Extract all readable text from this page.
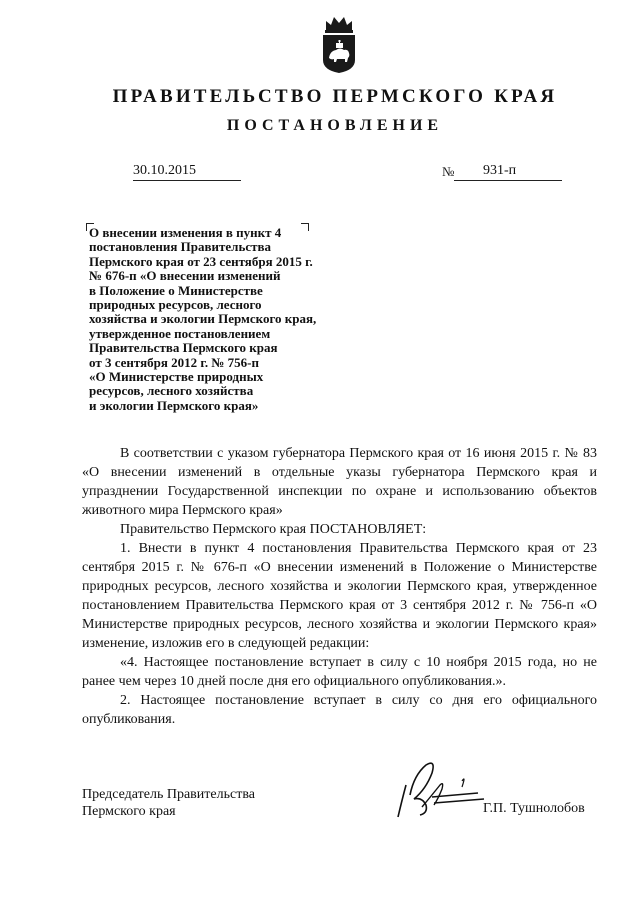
ПРАВИТЕЛЬСТВО ПЕРМСКОГО КРАЯ
ПОСТАНОВЛЕНИЕ
30.10.2015	№ 931-п
О внесении изменения в пункт 4
постановления Правительства
Пермского края от 23 сентября 2015 г.
№ 676-п «О внесении изменений
в Положение о Министерстве
природных ресурсов, лесного
хозяйства и экологии Пермского края,
утвержденное постановлением
Правительства Пермского края
от 3 сентября 2012 г. № 756-п
«О Министерстве природных
ресурсов, лесного хозяйства
и экологии Пермского края»

В соответствии с указом губернатора Пермского края от 16 июня 2015 г. № 83 «О внесении изменений в отдельные указы губернатора Пермского края и упразднении Государственной инспекции по охране и использованию объектов животного мира Пермского края»

Правительство Пермского края ПОСТАНОВЛЯЕТ:

1. Внести в пункт 4 постановления Правительства Пермского края от 23 сентября 2015 г. № 676-п «О внесении изменений в Положение о Министерстве природных ресурсов, лесного хозяйства и экологии Пермского края, утвержденное постановлением Правительства Пермского края от 3 сентября 2012 г. № 756-п «О Министерстве природных ресурсов, лесного хозяйства и экологии Пермского края» изменение, изложив его в следующей редакции:

«4. Настоящее постановление вступает в силу с 10 ноября 2015 года, но не ранее чем через 10 дней после дня его официального опубликования.».

2. Настоящее постановление вступает в силу со дня его официального опубликования.

Председатель Правительства
Пермского края	Г.П. Тушнолобов
